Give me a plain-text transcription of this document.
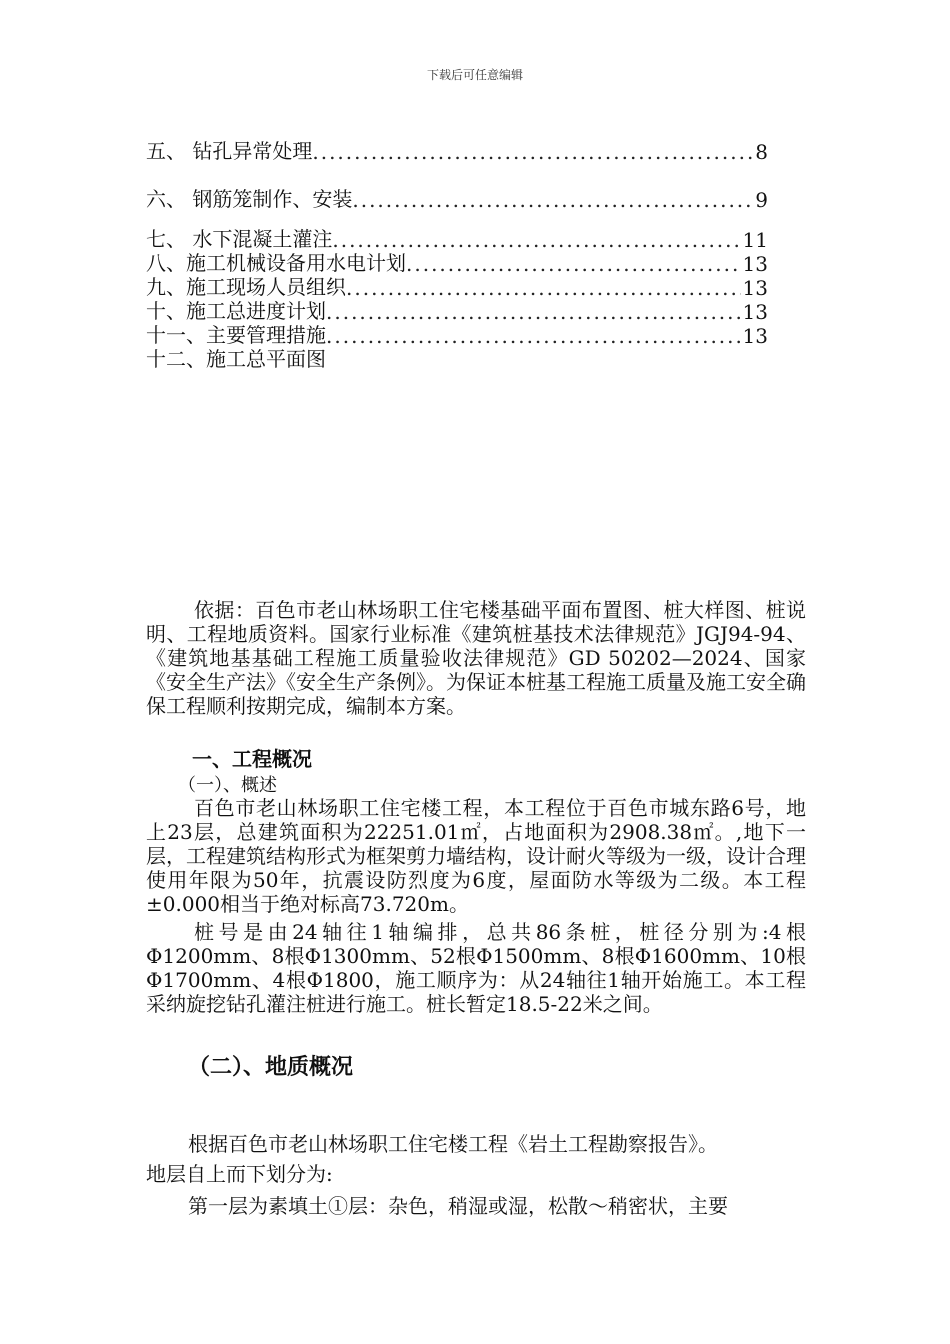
下载后可任意编辑
五、 钻孔异常处理 .....	8
六、 钢筋笼制作、安装 .....	9
七、 水下混凝土灌注 .....	11
八、施工机械设备用水电计划 .....	13
九、施工现场人员组织 .....	13
十、施工总进度计划 .....	13
十一、主要管理措施 .....	13
十二、施工总平面图

依据：百色市老山林场职工住宅楼基础平面布置图、桩大样图、桩说明、工程地质资料。国家行业标准《建筑桩基技术法律规范》JGJ94-94、《建筑地基基础工程施工质量验收法律规范》GD 50202—2024、国家《安全生产法》《安全生产条例》。为保证本桩基工程施工质量及施工安全确保工程顺利按期完成，编制本方案。

一、工程概况
（一）、概述

百色市老山林场职工住宅楼工程，本工程位于百色市城东路6号，地上23层，总建筑面积为22251.01㎡，占地面积为2908.38㎡。,地下一层，工程建筑结构形式为框架剪力墙结构，设计耐火等级为一级，设计合理使用年限为50年，抗震设防烈度为6度，屋面防水等级为二级。本工程±0.000相当于绝对标高73.720m。

桩号是由24轴往1轴编排，总共86条桩，桩径分别为:4根Φ1200mm、8根Φ1300mm、52根Φ1500mm、8根Φ1600mm、10根Φ1700mm、4根Φ1800，施工顺序为：从24轴往1轴开始施工。本工程采纳旋挖钻孔灌注桩进行施工。桩长暂定18.5-22米之间。

（二）、地质概况
根据百色市老山林场职工住宅楼工程《岩土工程勘察报告》。
地层自上而下划分为:
第一层为素填土①层：杂色，稍湿或湿，松散～稍密状，主要
